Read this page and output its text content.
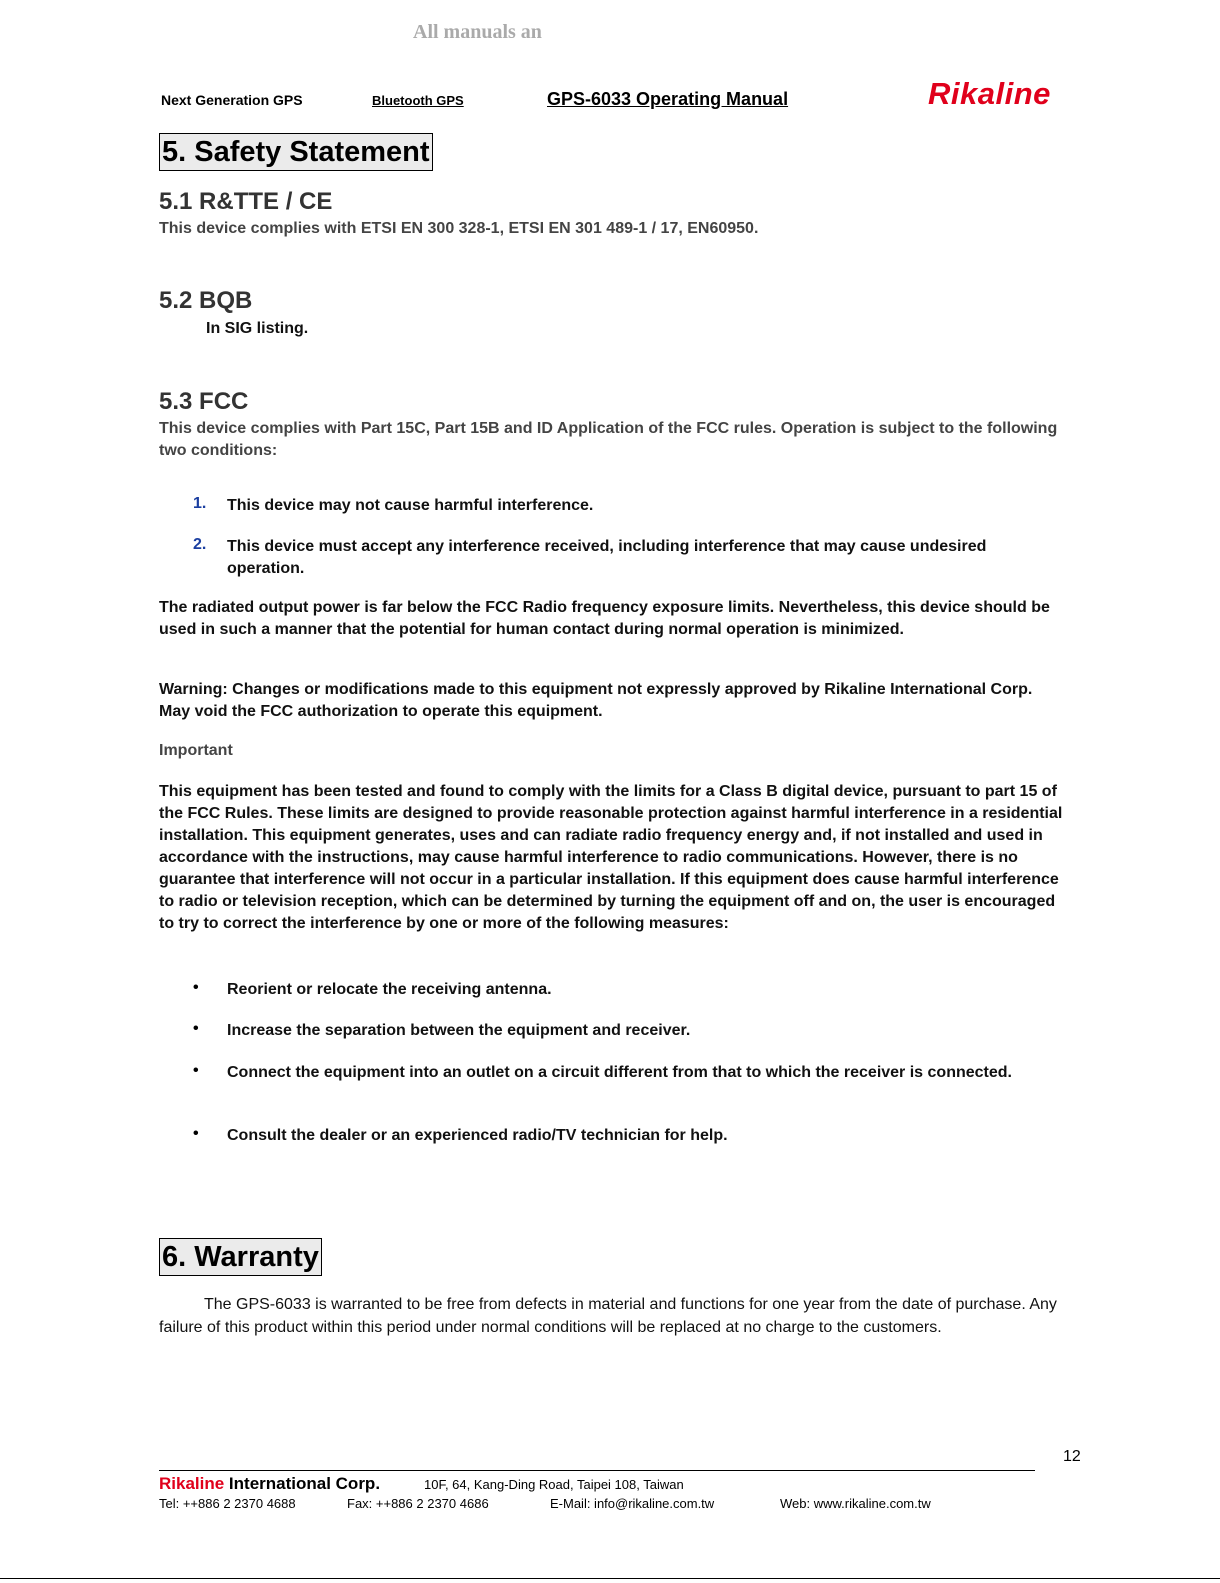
All manuals an
Next Generation GPS	Bluetooth GPS	GPS-6033 Operating Manual	Rikaline
5. Safety Statement
5.1 R&TTE / CE
This device complies with ETSI EN 300 328-1, ETSI EN 301 489-1 / 17, EN60950.
5.2 BQB
In SIG listing.
5.3 FCC
This device complies with Part 15C, Part 15B and ID Application of the FCC rules. Operation is subject to the following two conditions:
1. This device may not cause harmful interference.
2. This device must accept any interference received, including interference that may cause undesired operation.
The radiated output power is far below the FCC Radio frequency exposure limits. Nevertheless, this device should be used in such a manner that the potential for human contact during normal operation is minimized.
Warning: Changes or modifications made to this equipment not expressly approved by Rikaline International Corp. May void the FCC authorization to operate this equipment.
Important
This equipment has been tested and found to comply with the limits for a Class B digital device, pursuant to part 15 of the FCC Rules. These limits are designed to provide reasonable protection against harmful interference in a residential installation. This equipment generates, uses and can radiate radio frequency energy and, if not installed and used in accordance with the instructions, may cause harmful interference to radio communications. However, there is no guarantee that interference will not occur in a particular installation. If this equipment does cause harmful interference to radio or television reception, which can be determined by turning the equipment off and on, the user is encouraged to try to correct the interference by one or more of the following measures:
• Reorient or relocate the receiving antenna.
• Increase the separation between the equipment and receiver.
• Connect the equipment into an outlet on a circuit different from that to which the receiver is connected.
• Consult the dealer or an experienced radio/TV technician for help.
6. Warranty
The GPS-6033 is warranted to be free from defects in material and functions for one year from the date of purchase. Any failure of this product within this period under normal conditions will be replaced at no charge to the customers.
12
Rikaline International Corp.	10F, 64, Kang-Ding Road, Taipei 108, Taiwan
Tel: ++886 2 2370 4688	Fax: ++886 2 2370 4686	E-Mail: info@rikaline.com.tw	Web: www.rikaline.com.tw
